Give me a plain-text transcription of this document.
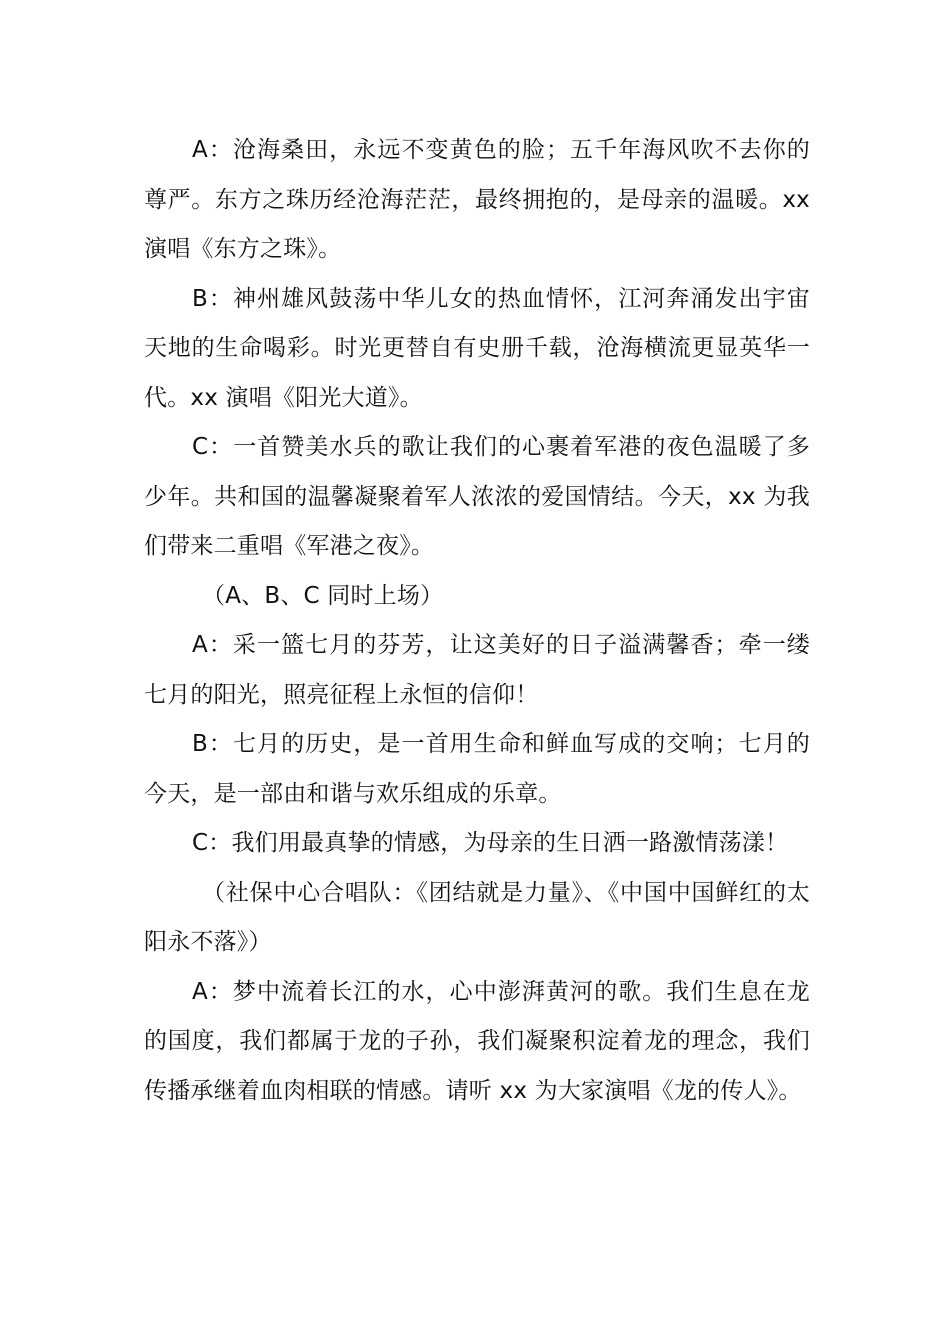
A：沧海桑田，永远不变黄色的脸；五千年海风吹不去你的尊严。东方之珠历经沧海茫茫，最终拥抱的，是母亲的温暖。xx 演唱《东方之珠》。

B：神州雄风鼓荡中华儿女的热血情怀，江河奔涌发出宇宙天地的生命喝彩。时光更替自有史册千载，沧海横流更显英华一代。xx 演唱《阳光大道》。

C：一首赞美水兵的歌让我们的心裹着军港的夜色温暖了多少年。共和国的温馨凝聚着军人浓浓的爱国情结。今天，xx 为我们带来二重唱《军港之夜》。

（A、B、C 同时上场）

A：采一篮七月的芬芳，让这美好的日子溢满馨香；牵一缕七月的阳光，照亮征程上永恒的信仰！

B：七月的历史，是一首用生命和鲜血写成的交响；七月的今天，是一部由和谐与欢乐组成的乐章。

C：我们用最真挚的情感，为母亲的生日洒一路激情荡漾！

（社保中心合唱队：《团结就是力量》、《中国中国鲜红的太阳永不落》）

A：梦中流着长江的水，心中澎湃黄河的歌。我们生息在龙的国度，我们都属于龙的子孙，我们凝聚积淀着龙的理念，我们传播承继着血肉相联的情感。请听 xx 为大家演唱《龙的传人》。
